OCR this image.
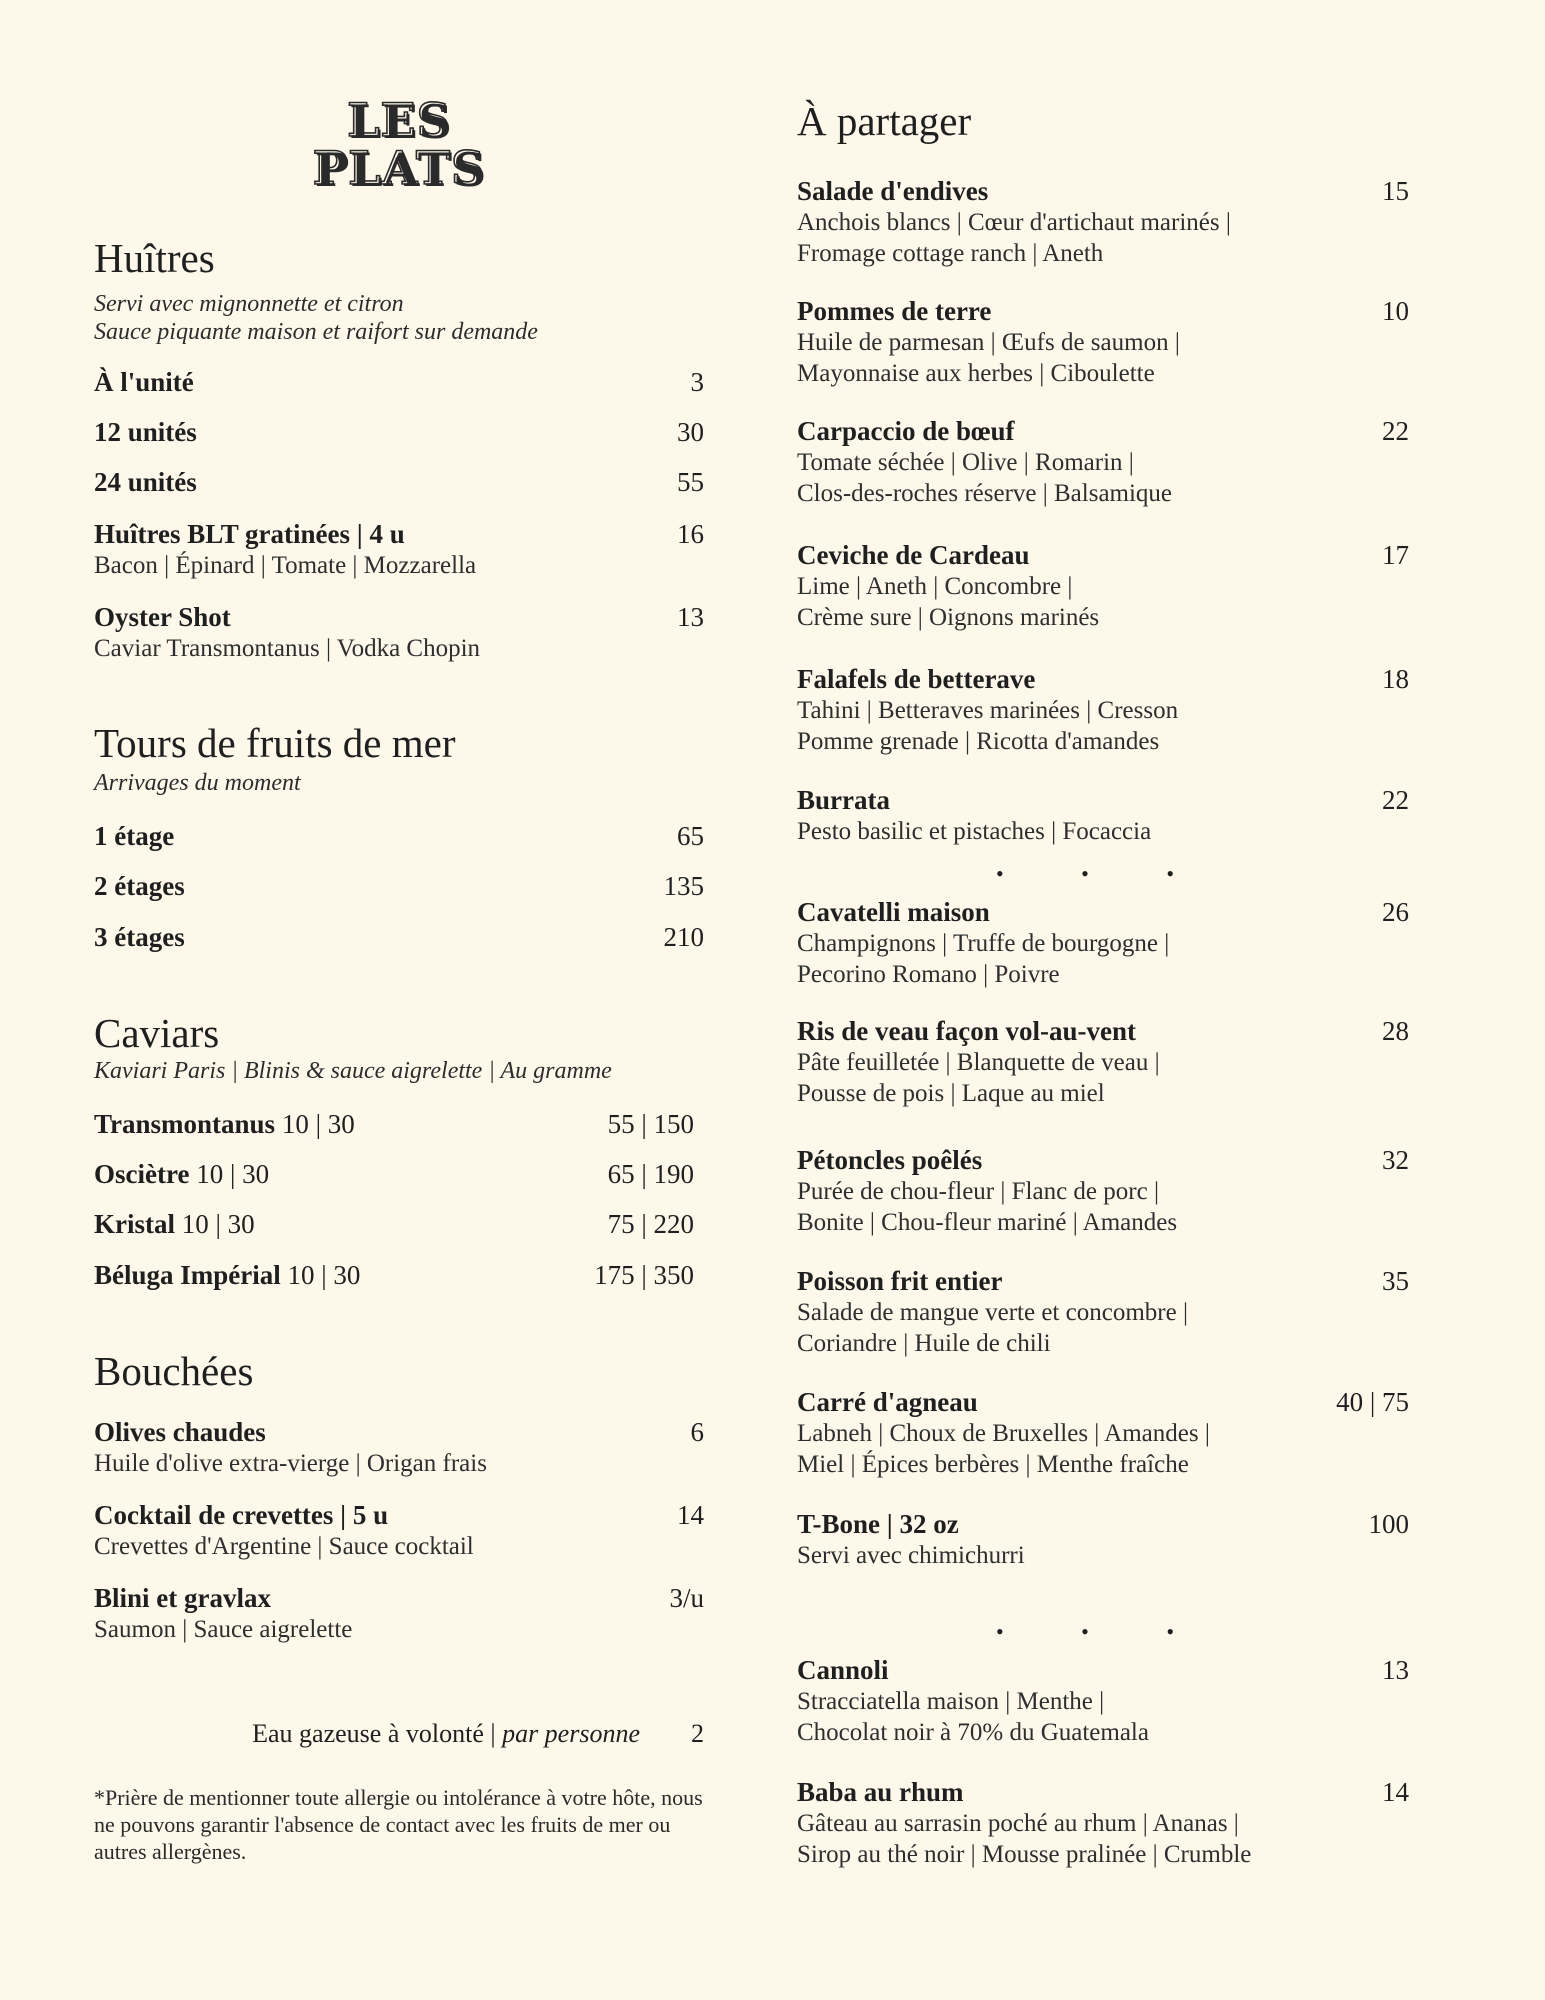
LES
PLATS
Huîtres
Servi avec mignonnette et citron
Sauce piquante maison et raifort sur demande
À l'unité	3
12 unités	30
24 unités	55
Huîtres BLT gratinées | 4 u	16
Bacon | Épinard | Tomate | Mozzarella
Oyster Shot	13
Caviar Transmontanus | Vodka Chopin
Tours de fruits de mer
Arrivages du moment
1 étage	65
2 étages	135
3 étages	210
Caviars
Kaviari Paris | Blinis & sauce aigrelette | Au gramme
Transmontanus 10 | 30	55 | 150
Osciètre 10 | 30	65 | 190
Kristal 10 | 30	75 | 220
Béluga Impérial 10 | 30	175 | 350
Bouchées
Olives chaudes	6
Huile d'olive extra-vierge | Origan frais
Cocktail de crevettes | 5 u	14
Crevettes d'Argentine | Sauce cocktail
Blini et gravlax	3/u
Saumon | Sauce aigrelette
Eau gazeuse à volonté | par personne 2
*Prière de mentionner toute allergie ou intolérance à votre hôte, nous ne pouvons garantir l'absence de contact avec les fruits de mer ou autres allergènes.
À partager
Salade d'endives	15
Anchois blancs | Cœur d'artichaut marinés |
Fromage cottage ranch | Aneth
Pommes de terre	10
Huile de parmesan | Œufs de saumon |
Mayonnaise aux herbes | Ciboulette
Carpaccio de bœuf	22
Tomate séchée | Olive | Romarin |
Clos-des-roches réserve | Balsamique
Ceviche de Cardeau	17
Lime | Aneth | Concombre |
Crème sure | Oignons marinés
Falafels de betterave	18
Tahini | Betteraves marinées | Cresson
Pomme grenade | Ricotta d'amandes
Burrata	22
Pesto basilic et pistaches | Focaccia
• • •
Cavatelli maison	26
Champignons | Truffe de bourgogne |
Pecorino Romano | Poivre
Ris de veau façon vol-au-vent	28
Pâte feuilletée | Blanquette de veau |
Pousse de pois | Laque au miel
Pétoncles poêlés	32
Purée de chou-fleur | Flanc de porc |
Bonite | Chou-fleur mariné | Amandes
Poisson frit entier	35
Salade de mangue verte et concombre |
Coriandre | Huile de chili
Carré d'agneau	40 | 75
Labneh | Choux de Bruxelles | Amandes |
Miel | Épices berbères | Menthe fraîche
T-Bone | 32 oz	100
Servi avec chimichurri
• • •
Cannoli	13
Stracciatella maison | Menthe |
Chocolat noir à 70% du Guatemala
Baba au rhum	14
Gâteau au sarrasin poché au rhum | Ananas |
Sirop au thé noir | Mousse pralinée | Crumble
